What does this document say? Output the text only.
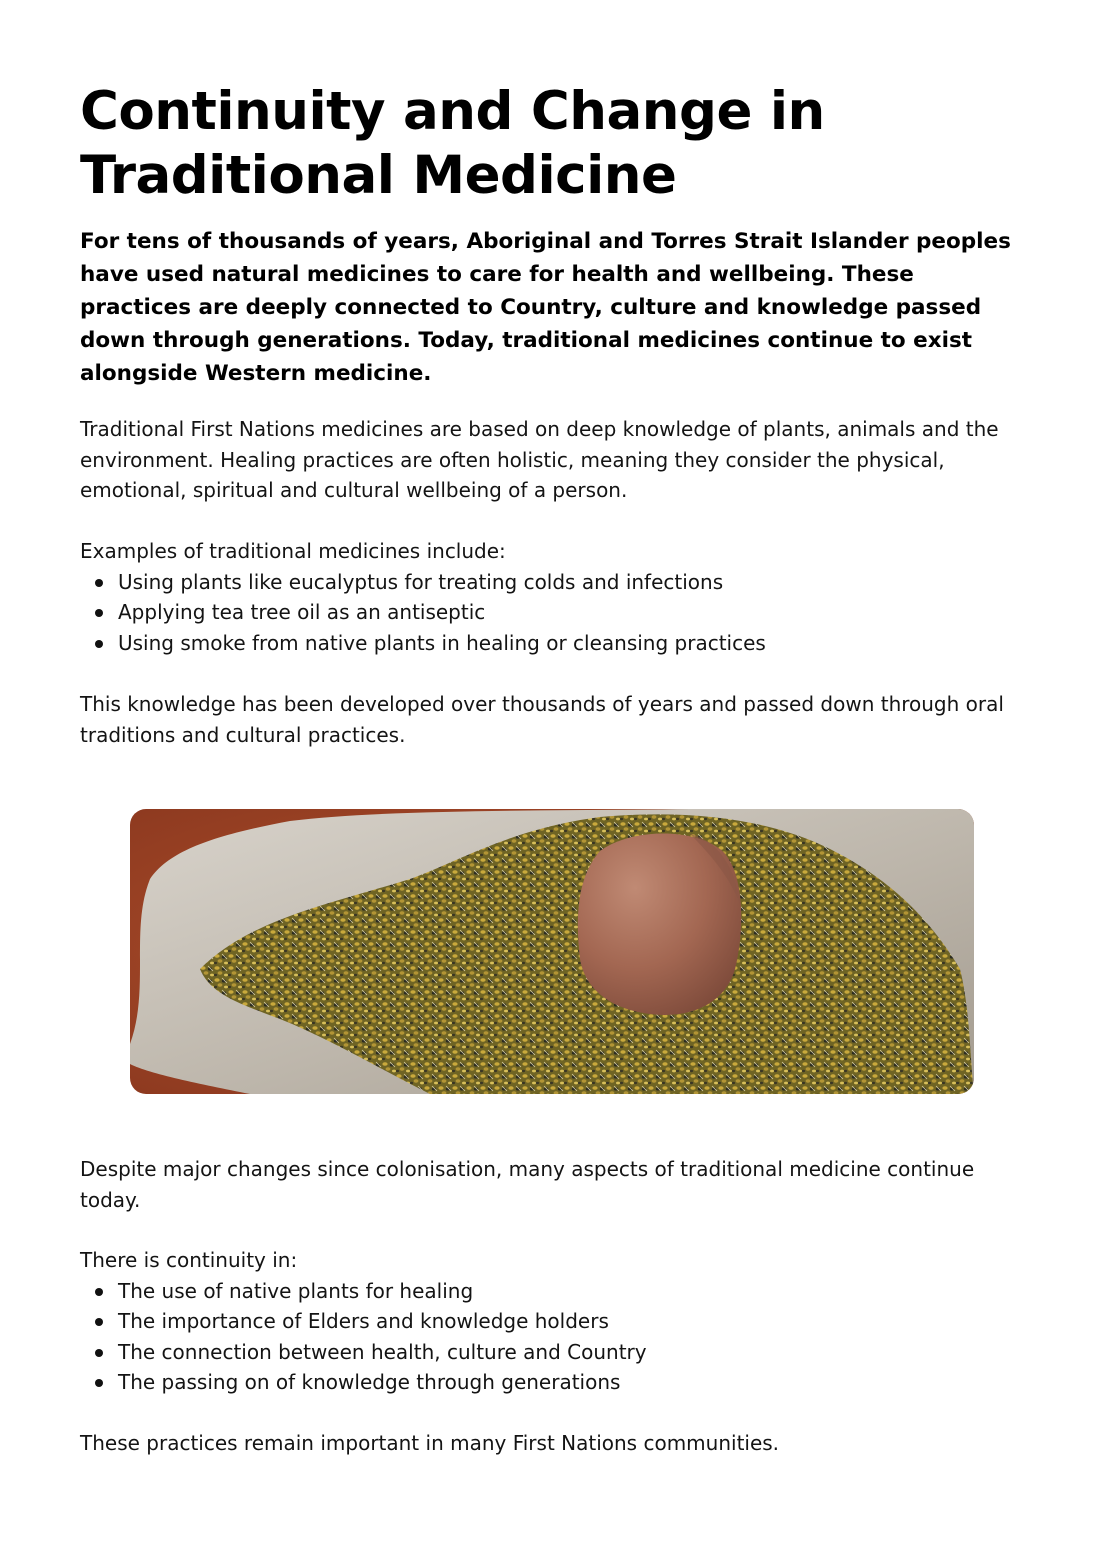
Continuity and Change in Traditional Medicine

For tens of thousands of years, Aboriginal and Torres Strait Islander peoples have used natural medicines to care for health and wellbeing. These practices are deeply connected to Country, culture and knowledge passed down through generations. Today, traditional medicines continue to exist alongside Western medicine.

Traditional First Nations medicines are based on deep knowledge of plants, animals and the environment. Healing practices are often holistic, meaning they consider the physical, emotional, spiritual and cultural wellbeing of a person.

Examples of traditional medicines include:

Using plants like eucalyptus for treating colds and infections
Applying tea tree oil as an antiseptic
Using smoke from native plants in healing or cleansing practices

This knowledge has been developed over thousands of years and passed down through oral traditions and cultural practices.

Despite major changes since colonisation, many aspects of traditional medicine continue today.

There is continuity in:

The use of native plants for healing
The importance of Elders and knowledge holders
The connection between health, culture and Country
The passing on of knowledge through generations

These practices remain important in many First Nations communities.
